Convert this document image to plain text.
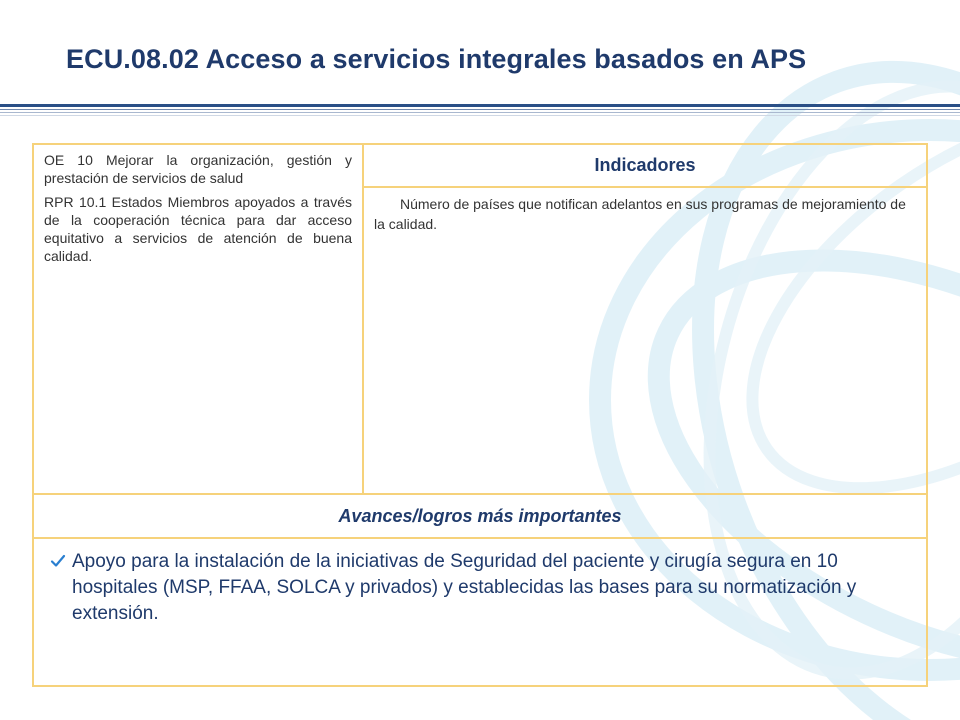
ECU.08.02 Acceso a servicios integrales basados en APS

OE 10 Mejorar la organización, gestión y prestación de servicios de salud

RPR 10.1 Estados Miembros apoyados a través de la cooperación técnica para dar acceso equitativo a servicios de atención de buena calidad.

Indicadores
Número de países que notifican adelantos en sus programas de mejoramiento de la calidad.
Avances/logros más importantes
Apoyo para la instalación de la iniciativas de Seguridad del paciente y cirugía segura en 10 hospitales (MSP, FFAA, SOLCA y privados) y establecidas las bases para su normatización y extensión.
